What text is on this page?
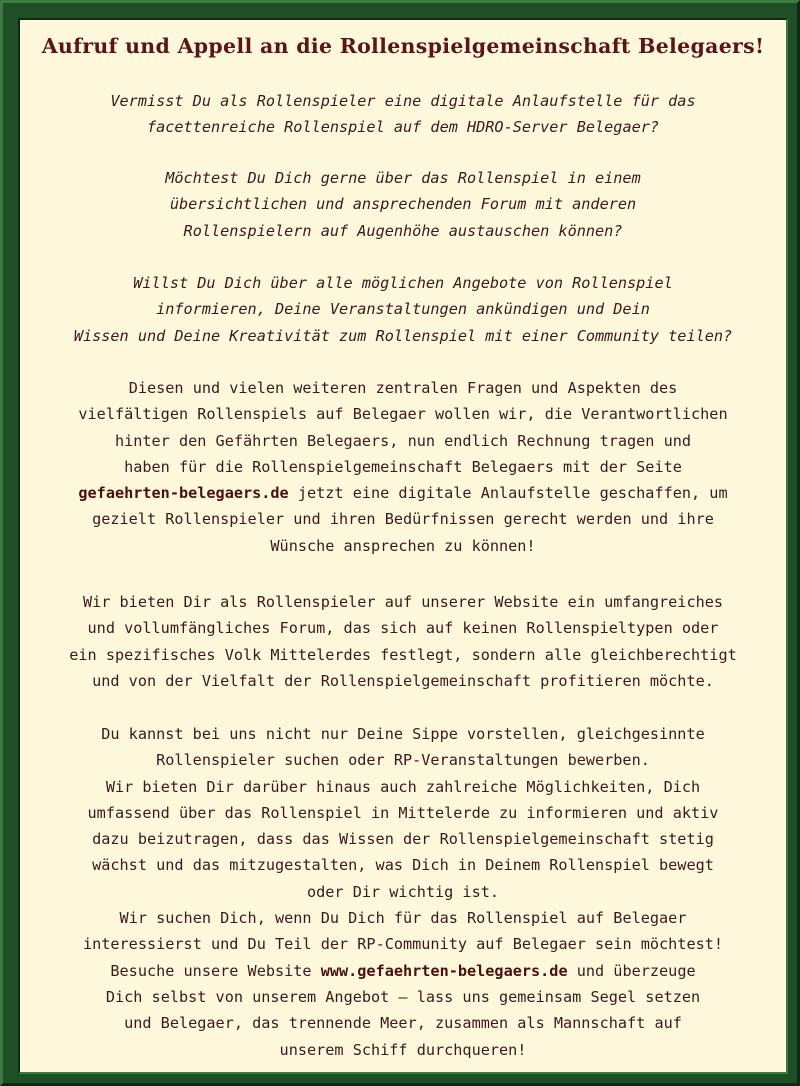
Aufruf und Appell an die Rollenspielgemeinschaft Belegaers!

Vermisst Du als Rollenspieler eine digitale Anlaufstelle für das
facettenreiche Rollenspiel auf dem HDRO-Server Belegaer?

Möchtest Du Dich gerne über das Rollenspiel in einem
übersichtlichen und ansprechenden Forum mit anderen
Rollenspielern auf Augenhöhe austauschen können?

Willst Du Dich über alle möglichen Angebote von Rollenspiel
informieren, Deine Veranstaltungen ankündigen und Dein
Wissen und Deine Kreativität zum Rollenspiel mit einer Community teilen?

Diesen und vielen weiteren zentralen Fragen und Aspekten des
vielfältigen Rollenspiels auf Belegaer wollen wir, die Verantwortlichen
hinter den Gefährten Belegaers, nun endlich Rechnung tragen und
haben für die Rollenspielgemeinschaft Belegaers mit der Seite
gefaehrten-belegaers.de jetzt eine digitale Anlaufstelle geschaffen, um
gezielt Rollenspieler und ihren Bedürfnissen gerecht werden und ihre
Wünsche ansprechen zu können!

Wir bieten Dir als Rollenspieler auf unserer Website ein umfangreiches
und vollumfängliches Forum, das sich auf keinen Rollenspieltypen oder
ein spezifisches Volk Mittelerdes festlegt, sondern alle gleichberechtigt
und von der Vielfalt der Rollenspielgemeinschaft profitieren möchte.

Du kannst bei uns nicht nur Deine Sippe vorstellen, gleichgesinnte
Rollenspieler suchen oder RP-Veranstaltungen bewerben.
Wir bieten Dir darüber hinaus auch zahlreiche Möglichkeiten, Dich
umfassend über das Rollenspiel in Mittelerde zu informieren und aktiv
dazu beizutragen, dass das Wissen der Rollenspielgemeinschaft stetig
wächst und das mitzugestalten, was Dich in Deinem Rollenspiel bewegt
oder Dir wichtig ist.
Wir suchen Dich, wenn Du Dich für das Rollenspiel auf Belegaer
interessierst und Du Teil der RP-Community auf Belegaer sein möchtest!
Besuche unsere Website www.gefaehrten-belegaers.de und überzeuge
Dich selbst von unserem Angebot – lass uns gemeinsam Segel setzen
und Belegaer, das trennende Meer, zusammen als Mannschaft auf
unserem Schiff durchqueren!
